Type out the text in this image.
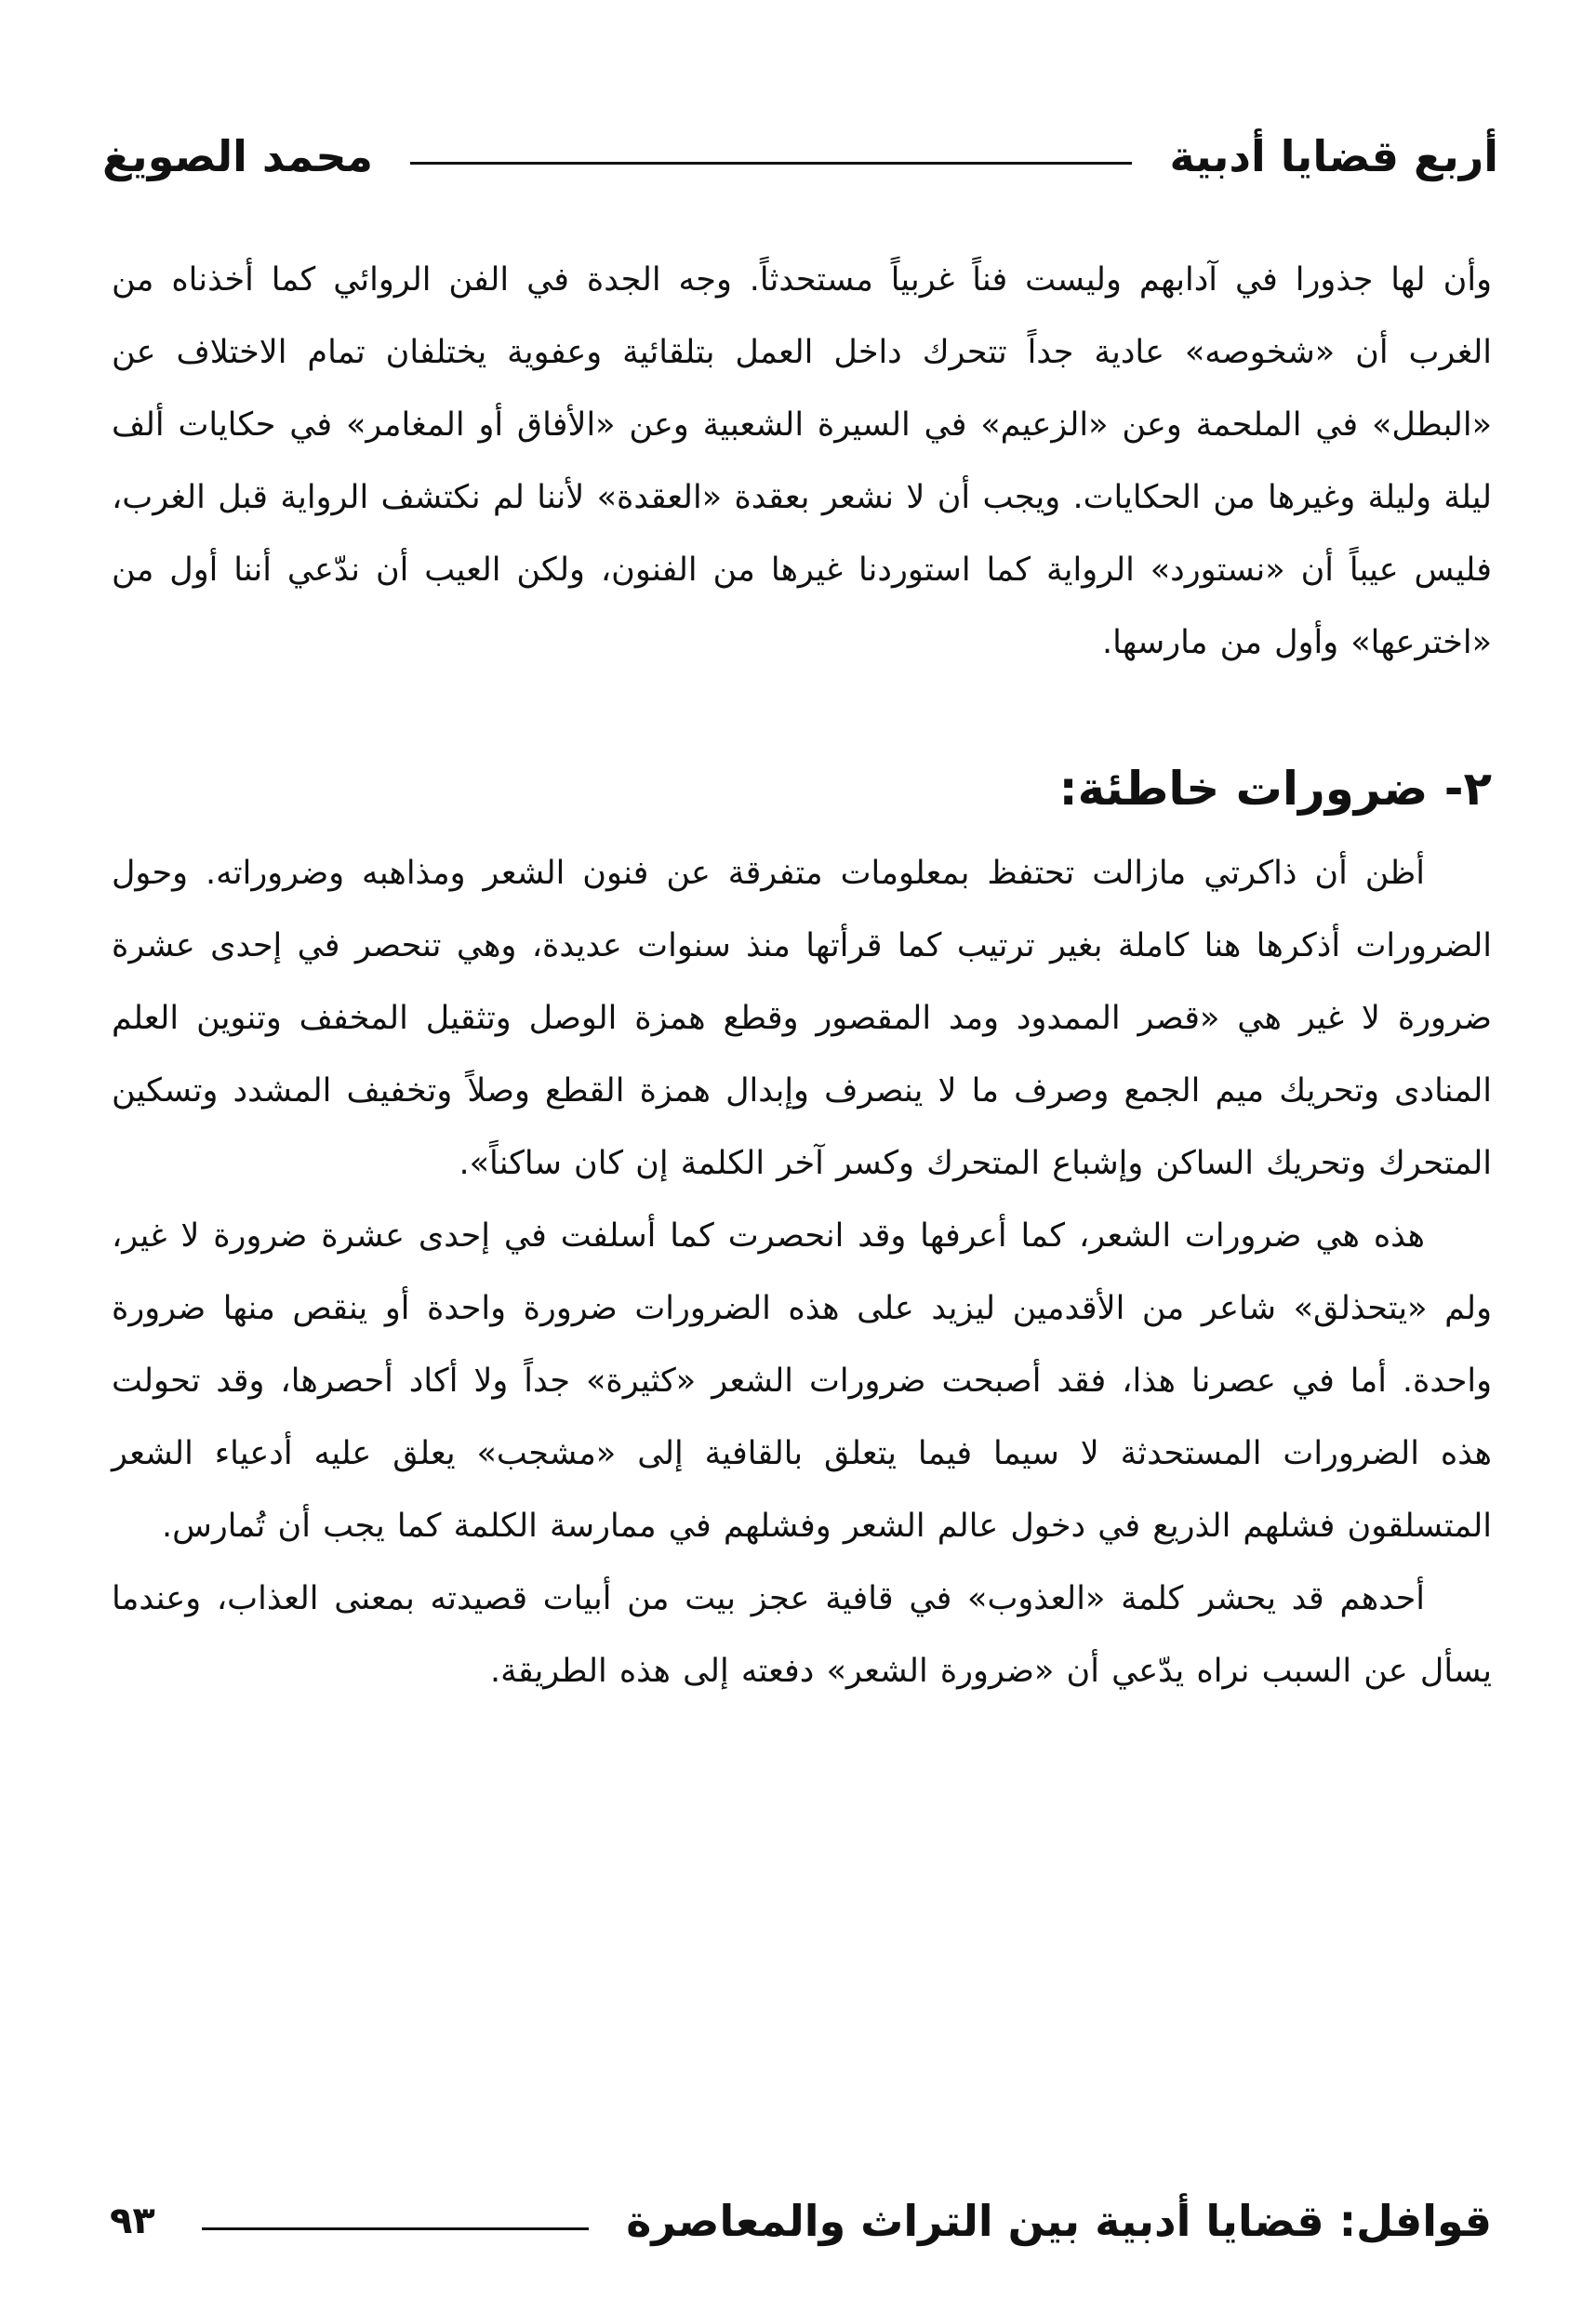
أربع قضايا أدبية
محمد الصويغ

وأن لها جذورا في آدابهم وليست فناً غربياً مستحدثاً. وجه الجدة في الفن الروائي كما أخذناه من الغرب أن «شخوصه» عادية جداً تتحرك داخل العمل بتلقائية وعفوية يختلفان تمام الاختلاف عن «البطل» في الملحمة وعن «الزعيم» في السيرة الشعبية وعن «الأفاق أو المغامر» في حكايات ألف ليلة وليلة وغيرها من الحكايات. ويجب أن لا نشعر بعقدة «العقدة» لأننا لم نكتشف الرواية قبل الغرب، فليس عيباً أن «نستورد» الرواية كما استوردنا غيرها من الفنون، ولكن العيب أن ندّعي أننا أول من «اخترعها» وأول من مارسها.

٢- ضرورات خاطئة:

أظن أن ذاكرتي مازالت تحتفظ بمعلومات متفرقة عن فنون الشعر ومذاهبه وضروراته. وحول الضرورات أذكرها هنا كاملة بغير ترتيب كما قرأتها منذ سنوات عديدة، وهي تنحصر في إحدى عشرة ضرورة لا غير هي «قصر الممدود ومد المقصور وقطع همزة الوصل وتثقيل المخفف وتنوين العلم المنادى وتحريك ميم الجمع وصرف ما لا ينصرف وإبدال همزة القطع وصلاً وتخفيف المشدد وتسكين المتحرك وتحريك الساكن وإشباع المتحرك وكسر آخر الكلمة إن كان ساكناً».

هذه هي ضرورات الشعر، كما أعرفها وقد انحصرت كما أسلفت في إحدى عشرة ضرورة لا غير، ولم «يتحذلق» شاعر من الأقدمين ليزيد على هذه الضرورات ضرورة واحدة أو ينقص منها ضرورة واحدة. أما في عصرنا هذا، فقد أصبحت ضرورات الشعر «كثيرة» جداً ولا أكاد أحصرها، وقد تحولت هذه الضرورات المستحدثة لا سيما فيما يتعلق بالقافية إلى «مشجب» يعلق عليه أدعياء الشعر المتسلقون فشلهم الذريع في دخول عالم الشعر وفشلهم في ممارسة الكلمة كما يجب أن تُمارس.

أحدهم قد يحشر كلمة «العذوب» في قافية عجز بيت من أبيات قصيدته بمعنى العذاب، وعندما يسأل عن السبب نراه يدّعي أن «ضرورة الشعر» دفعته إلى هذه الطريقة.

قوافل: قضايا أدبية بين التراث والمعاصرة
٩٣
